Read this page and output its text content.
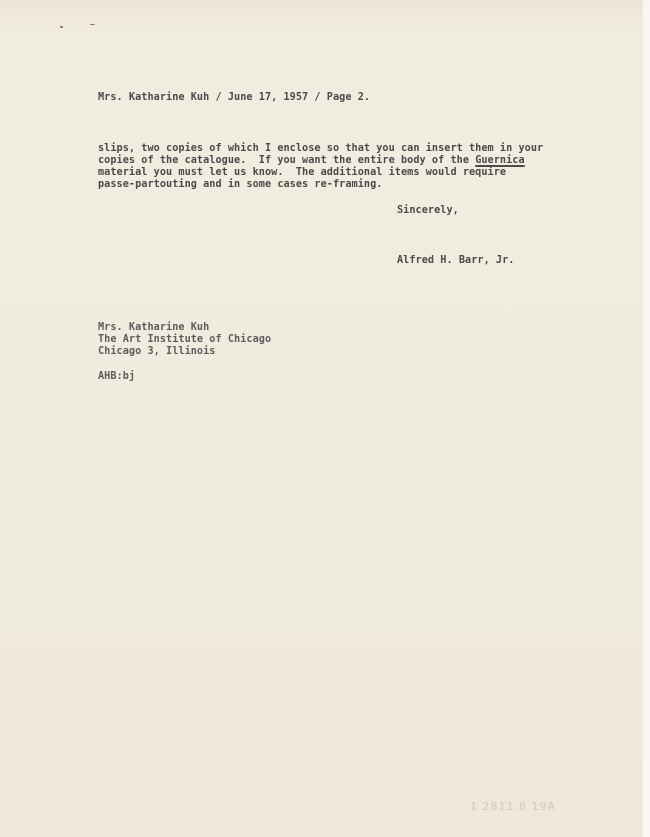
Mrs. Katharine Kuh / June 17, 1957 / Page 2.
slips, two copies of which I enclose so that you can insert them in your
copies of the catalogue.  If you want the entire body of the Guernica
material you must let us know.  The additional items would require
passe-partouting and in some cases re-framing.
Sincerely,
Alfred H. Barr, Jr.
Mrs. Katharine Kuh
The Art Institute of Chicago
Chicago 3, Illinois
AHB:bj
1 2811.8 19A
